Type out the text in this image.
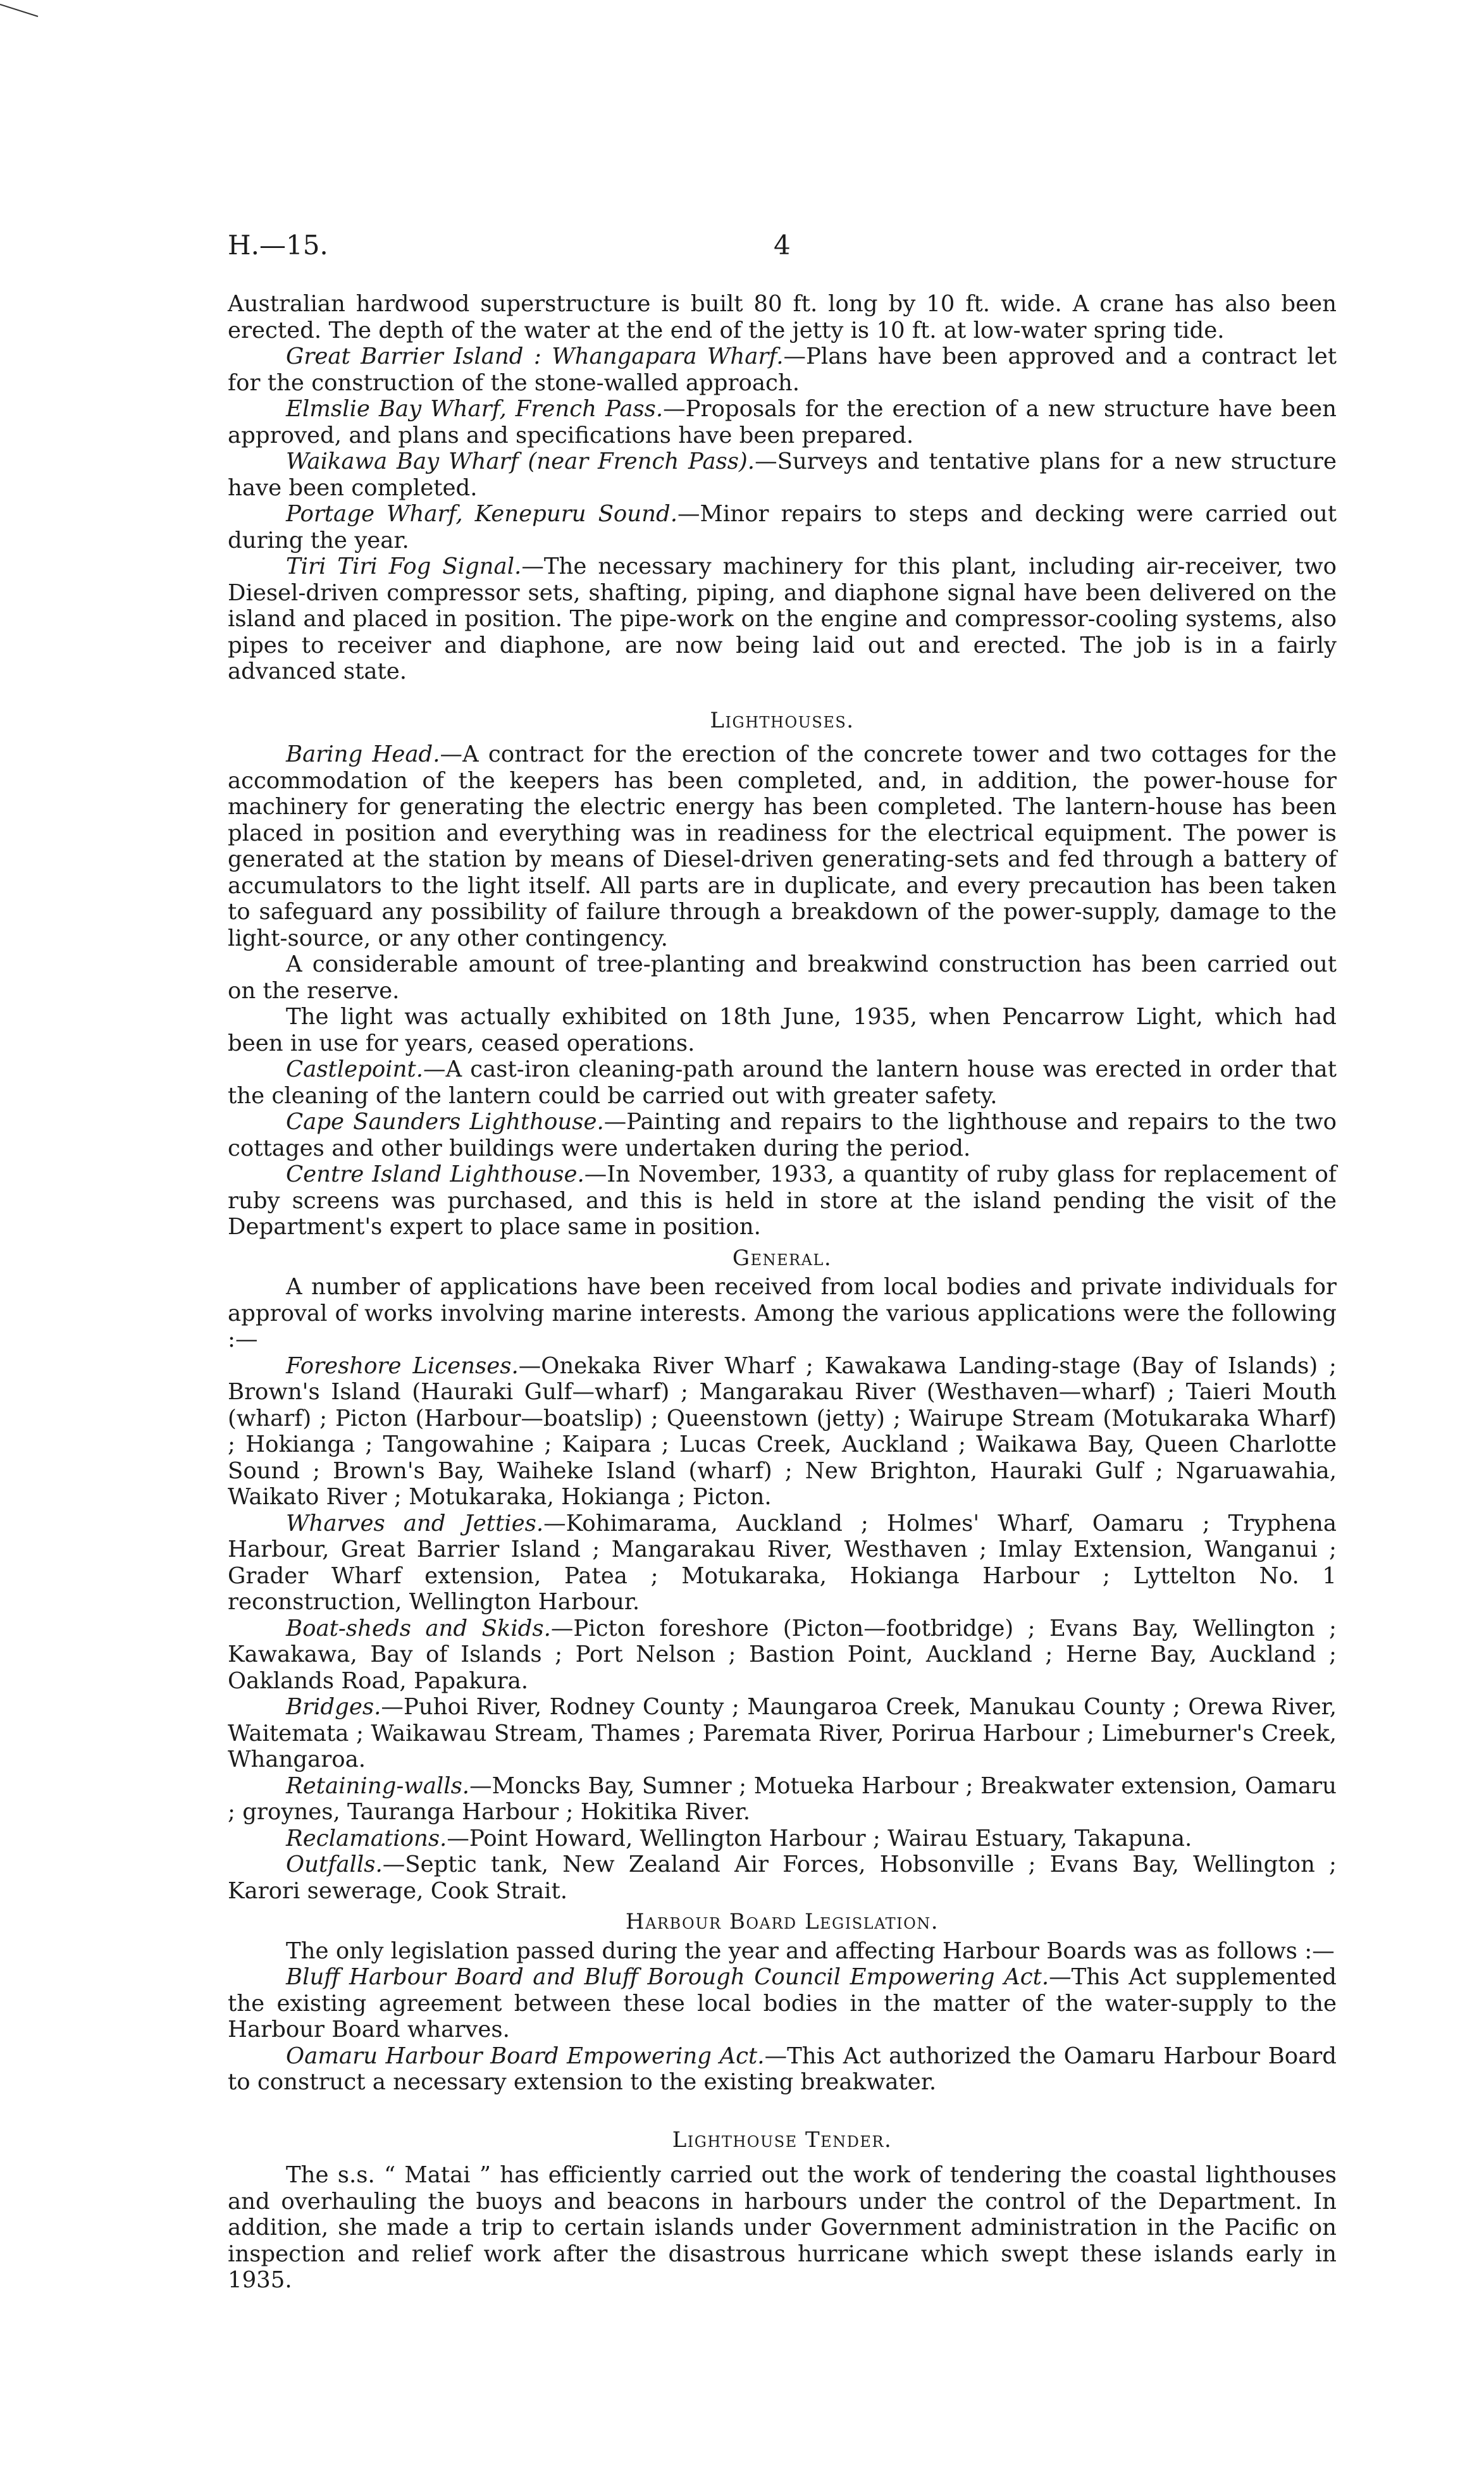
H.—15.	4

Australian hardwood superstructure is built 80 ft. long by 10 ft. wide. A crane has also been erected. The depth of the water at the end of the jetty is 10 ft. at low-water spring tide.

Great Barrier Island : Whangapara Wharf.—Plans have been approved and a contract let for the construction of the stone-walled approach.

Elmslie Bay Wharf, French Pass.—Proposals for the erection of a new structure have been approved, and plans and specifications have been prepared.

Waikawa Bay Wharf (near French Pass).—Surveys and tentative plans for a new structure have been completed.

Portage Wharf, Kenepuru Sound.—Minor repairs to steps and decking were carried out during the year.

Tiri Tiri Fog Signal.—The necessary machinery for this plant, including air-receiver, two Diesel-driven compressor sets, shafting, piping, and diaphone signal have been delivered on the island and placed in position. The pipe-work on the engine and compressor-cooling systems, also pipes to receiver and diaphone, are now being laid out and erected. The job is in a fairly advanced state.

Lighthouses.

Baring Head.—A contract for the erection of the concrete tower and two cottages for the accommodation of the keepers has been completed, and, in addition, the power-house for machinery for generating the electric energy has been completed. The lantern-house has been placed in position and everything was in readiness for the electrical equipment. The power is generated at the station by means of Diesel-driven generating-sets and fed through a battery of accumulators to the light itself. All parts are in duplicate, and every precaution has been taken to safeguard any possibility of failure through a breakdown of the power-supply, damage to the light-source, or any other contingency.

A considerable amount of tree-planting and breakwind construction has been carried out on the reserve.

The light was actually exhibited on 18th June, 1935, when Pencarrow Light, which had been in use for years, ceased operations.

Castlepoint.—A cast-iron cleaning-path around the lantern house was erected in order that the cleaning of the lantern could be carried out with greater safety.

Cape Saunders Lighthouse.—Painting and repairs to the lighthouse and repairs to the two cottages and other buildings were undertaken during the period.

Centre Island Lighthouse.—In November, 1933, a quantity of ruby glass for replacement of ruby screens was purchased, and this is held in store at the island pending the visit of the Department's expert to place same in position.

General.

A number of applications have been received from local bodies and private individuals for approval of works involving marine interests. Among the various applications were the following :—

Foreshore Licenses.—Onekaka River Wharf ; Kawakawa Landing-stage (Bay of Islands) ; Brown's Island (Hauraki Gulf—wharf) ; Mangarakau River (Westhaven—wharf) ; Taieri Mouth (wharf) ; Picton (Harbour—boatslip) ; Queenstown (jetty) ; Wairupe Stream (Motukaraka Wharf) ; Hokianga ; Tangowahine ; Kaipara ; Lucas Creek, Auckland ; Waikawa Bay, Queen Charlotte Sound ; Brown's Bay, Waiheke Island (wharf) ; New Brighton, Hauraki Gulf ; Ngaruawahia, Waikato River ; Motukaraka, Hokianga ; Picton.

Wharves and Jetties.—Kohimarama, Auckland ; Holmes' Wharf, Oamaru ; Tryphena Harbour, Great Barrier Island ; Mangarakau River, Westhaven ; Imlay Extension, Wanganui ; Grader Wharf extension, Patea ; Motukaraka, Hokianga Harbour ; Lyttelton No. 1 reconstruction, Wellington Harbour.

Boat-sheds and Skids.—Picton foreshore (Picton—footbridge) ; Evans Bay, Wellington ; Kawakawa, Bay of Islands ; Port Nelson ; Bastion Point, Auckland ; Herne Bay, Auckland ; Oaklands Road, Papakura.

Bridges.—Puhoi River, Rodney County ; Maungaroa Creek, Manukau County ; Orewa River, Waitemata ; Waikawau Stream, Thames ; Paremata River, Porirua Harbour ; Limeburner's Creek, Whangaroa.

Retaining-walls.—Moncks Bay, Sumner ; Motueka Harbour ; Breakwater extension, Oamaru ; groynes, Tauranga Harbour ; Hokitika River.

Reclamations.—Point Howard, Wellington Harbour ; Wairau Estuary, Takapuna.

Outfalls.—Septic tank, New Zealand Air Forces, Hobsonville ; Evans Bay, Wellington ; Karori sewerage, Cook Strait.

Harbour Board Legislation.

The only legislation passed during the year and affecting Harbour Boards was as follows :—

Bluff Harbour Board and Bluff Borough Council Empowering Act.—This Act supplemented the existing agreement between these local bodies in the matter of the water-supply to the Harbour Board wharves.

Oamaru Harbour Board Empowering Act.—This Act authorized the Oamaru Harbour Board to construct a necessary extension to the existing breakwater.

Lighthouse Tender.

The s.s. “ Matai ” has efficiently carried out the work of tendering the coastal lighthouses and overhauling the buoys and beacons in harbours under the control of the Department. In addition, she made a trip to certain islands under Government administration in the Pacific on inspection and relief work after the disastrous hurricane which swept these islands early in 1935.
